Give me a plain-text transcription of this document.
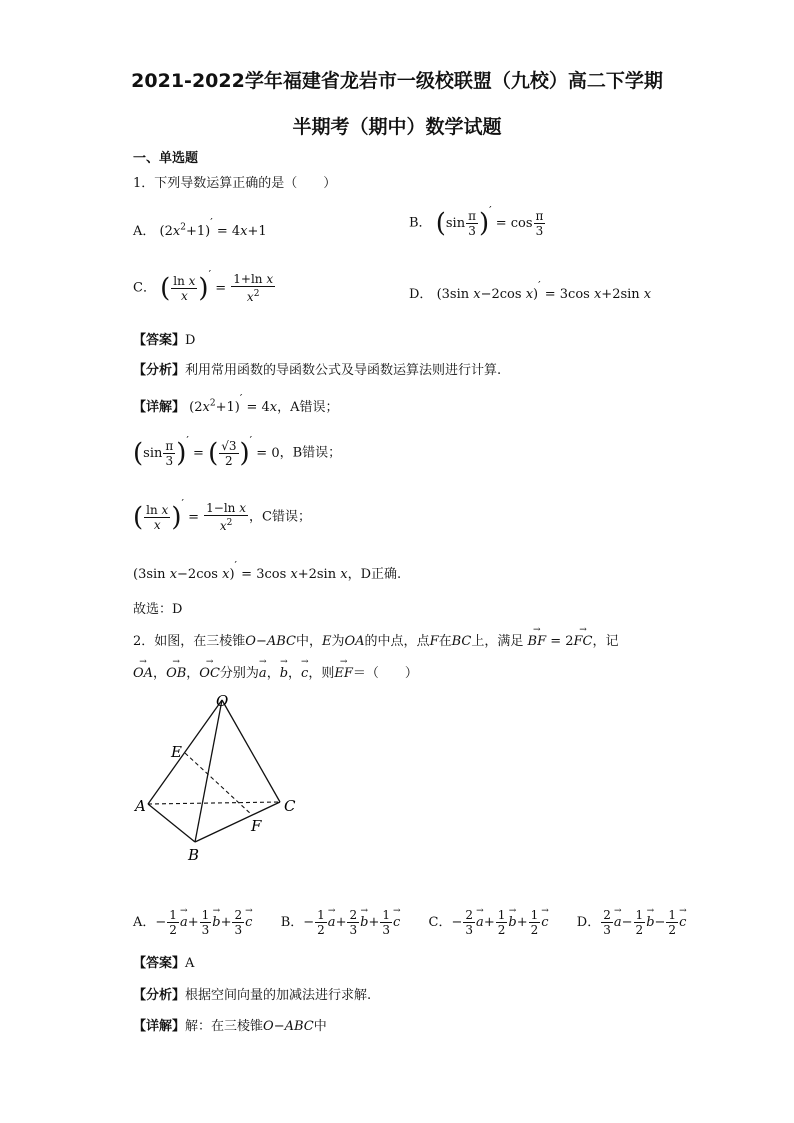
2021-2022学年福建省龙岩市一级校联盟（九校）高二下学期
半期考（期中）数学试题
一、单选题
1．下列导数运算正确的是（　　）
A． $(2x^2+1)' = 4x+1$
B． $(\sin \frac{\pi}{3} )' = \cos \frac{\pi}{3}$
C． ( $\frac{\text{ln x}}{x} )' = \frac{\text{1+ln x}}{x^2}$	D． (3sin x−2cos x)′ = 3cos x+2sin x
【答案】D
【分析】利用常用函数的导函数公式及导函数运算法则进行计算.
【详解】 $(2x^2+1)' = 4x$，A错误；
$(\sin \frac{\pi}{3} )'$ = ( $\frac{√3}{2} )' = 0$，B错误；
( $\frac{\text{ln x}}{x} )' = \frac{\text{1−ln x}}{x^2}$ ，C错误；
(3sin x−2cos x)′ = 3cos x+2sin x，D正确.
故选：D
2．如图，在三棱锥O−ABC中，E为OA的中点，点F在BC上，满足 → BF = 2→ FC，记
→ OA，→ OB，→ OC分别为→ a，→ b，→ c，则→ EF＝（　　）
O
A
B
C
E
F
A．− $\frac{1}{2}$
→ $a+ \frac{1}{3}$
→ $b+ \frac{2}{3}$
→ c B．− $\frac{1}{2}$
→ $a+ \frac{2}{3}$
→ $b+ \frac{1}{3}$
→ c C．− $\frac{2}{3}$
→ $a+ \frac{1}{2}$
→ $b+ \frac{1}{2}$
→ c D． $\frac{2}{3}$
→ $a- \frac{1}{2}$
→ $b- \frac{1}{2}$
→ c
【答案】A
【分析】根据空间向量的加减法进行求解.
【详解】解：在三棱锥O−ABC中
